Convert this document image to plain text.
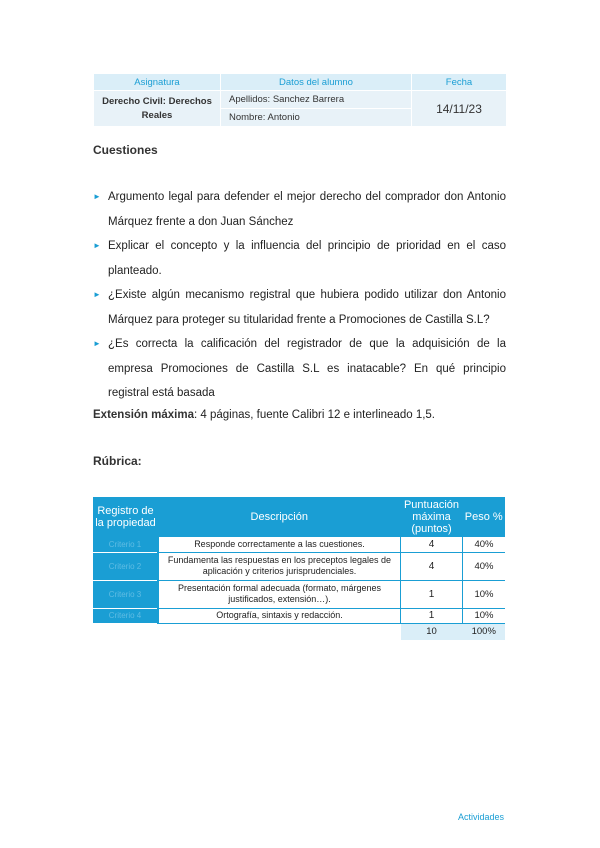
Asignatura	Datos del alumno	Fecha
Derecho Civil: Derechos Reales	Apellidos: Sanchez Barrera	14/11/23
	Nombre: Antonio	
Cuestiones
► Argumento legal para defender el mejor derecho del comprador don Antonio Márquez frente a don Juan Sánchez
► Explicar el concepto y la influencia del principio de prioridad en el caso planteado.
► ¿Existe algún mecanismo registral que hubiera podido utilizar don Antonio Márquez para proteger su titularidad frente a Promociones de Castilla S.L?
► ¿Es correcta la calificación del registrador de que la adquisición de la empresa Promociones de Castilla S.L es inatacable? En qué principio registral está basada

Extensión máxima: 4 páginas, fuente Calibri 12 e interlineado 1,5.

Rúbrica:
Registro de la propiedad	Descripción	Puntuación máxima (puntos)	Peso %
Criterio 1	Responde correctamente a las cuestiones.	4	40%
Criterio 2	Fundamenta las respuestas en los preceptos legales de aplicación y criterios jurisprudenciales.	4	40%
Criterio 3	Presentación formal adecuada (formato, márgenes justificados, extensión…).	1	10%
Criterio 4	Ortografía, sintaxis y redacción.	1	10%
		10	100%
Actividades
